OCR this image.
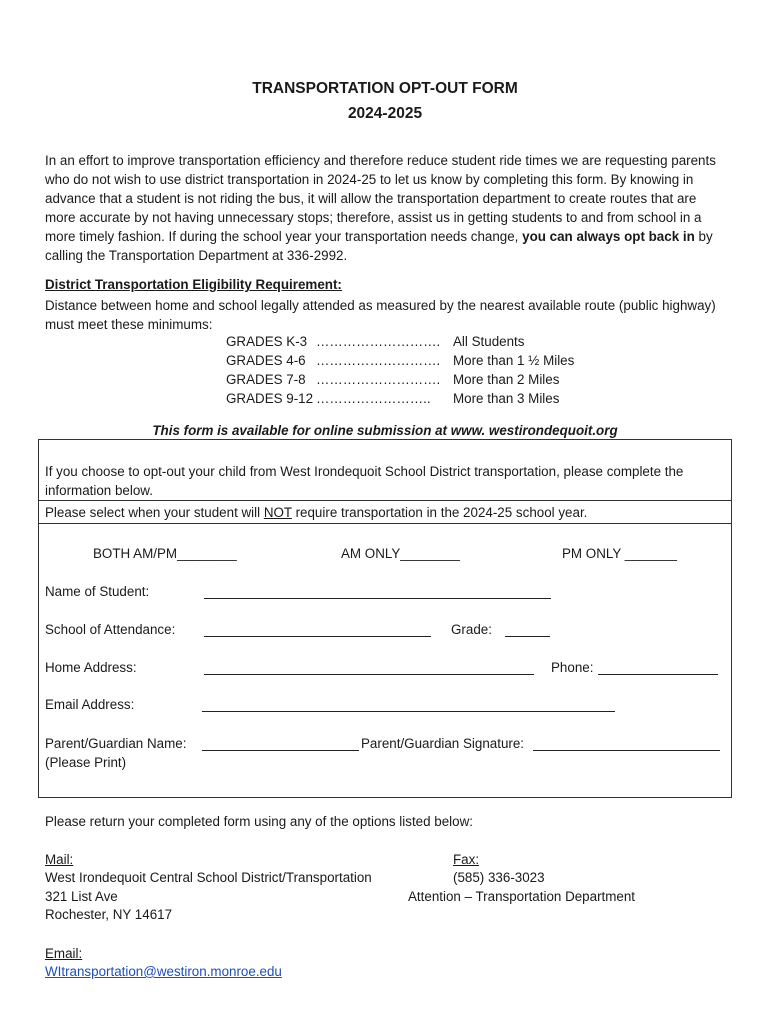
TRANSPORTATION OPT-OUT FORM
2024-2025
In an effort to improve transportation efficiency and therefore reduce student ride times we are requesting parents who do not wish to use district transportation in 2024-25 to let us know by completing this form. By knowing in advance that a student is not riding the bus, it will allow the transportation department to create routes that are more accurate by not having unnecessary stops; therefore, assist us in getting students to and from school in a more timely fashion. If during the school year your transportation needs change, you can always opt back in by calling the Transportation Department at 336-2992.
District Transportation Eligibility Requirement:
Distance between home and school legally attended as measured by the nearest available route (public highway) must meet these minimums:
GRADES K-3 ………………………. All Students
GRADES 4-6 ………………………. More than 1 ½ Miles
GRADES 7-8 ………………………. More than 2 Miles
GRADES 9-12 …………………….. More than 3 Miles
This form is available for online submission at www. westirondequoit.org
If you choose to opt-out your child from West Irondequoit School District transportation, please complete the information below.
Please select when your student will NOT require transportation in the 2024-25 school year.
BOTH AM/PM________	AM ONLY________	PM ONLY _______
Name of Student:
School of Attendance:	Grade:
Home Address:	Phone:
Email Address:
Parent/Guardian Name:	Parent/Guardian Signature:
(Please Print)
Please return your completed form using any of the options listed below:
Mail:
West Irondequoit Central School District/Transportation
321 List Ave
Rochester, NY 14617
Fax:
(585) 336-3023
Attention – Transportation Department
Email:
WItransportation@westiron.monroe.edu
